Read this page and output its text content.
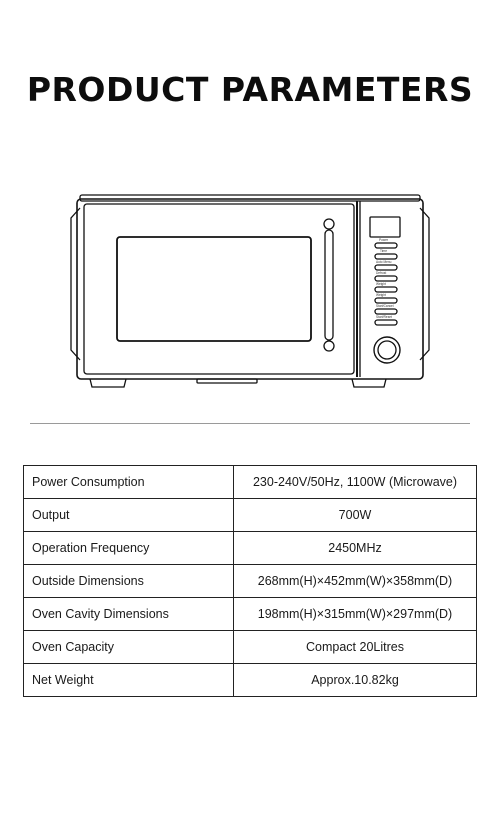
PRODUCT PARAMETERS
Power
Time
Auto Menu
Defrost
Weight
Weight
Start/Cancel
Start/Reset
Power Consumption	230-240V/50Hz, 1100W (Microwave)
Output	700W
Operation Frequency	2450MHz
Outside Dimensions	268mm(H)×452mm(W)×358mm(D)
Oven Cavity Dimensions	198mm(H)×315mm(W)×297mm(D)
Oven Capacity	Compact 20Litres
Net Weight	Approx.10.82kg
